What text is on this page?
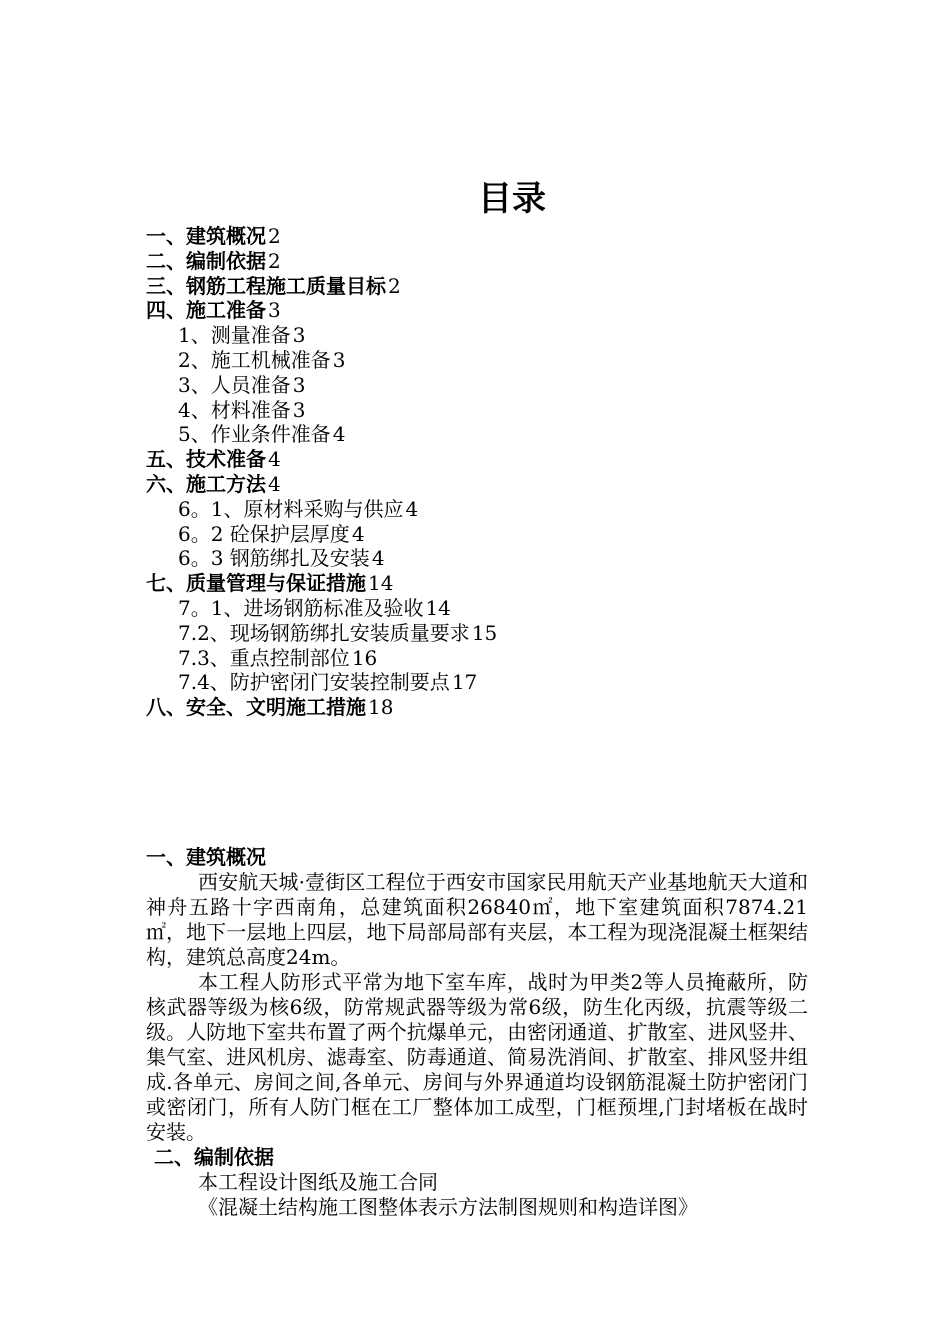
目录
一、建筑概况 2
二、编制依据 2
三、钢筋工程施工质量目标 2
四、施工准备 3
1、测量准备 3
2、施工机械准备 3
3、人员准备 3
4、材料准备 3
5、作业条件准备 4
五、技术准备 4
六、施工方法 4
6。1、原材料采购与供应 4
6。2 砼保护层厚度 4
6。3 钢筋绑扎及安装 4
七、质量管理与保证措施 14
7。1、进场钢筋标准及验收 14
7.2、现场钢筋绑扎安装质量要求 15
7.3、重点控制部位 16
7.4、防护密闭门安装控制要点 17
八、安全、文明施工措施 18
一、建筑概况

西安航天城·壹街区工程位于西安市国家民用航天产业基地航天大道和神舟五路十字西南角，总建筑面积26840㎡，地下室建筑面积7874.21㎡，地下一层地上四层，地下局部局部有夹层，本工程为现浇混凝土框架结构，建筑总高度24m。

本工程人防形式平常为地下室车库，战时为甲类2等人员掩蔽所，防核武器等级为核6级，防常规武器等级为常6级，防生化丙级，抗震等级二级。人防地下室共布置了两个抗爆单元，由密闭通道、扩散室、进风竖井、集气室、进风机房、滤毒室、防毒通道、简易洗消间、扩散室、排风竖井组成.各单元、房间之间,各单元、房间与外界通道均设钢筋混凝土防护密闭门或密闭门，所有人防门框在工厂整体加工成型，门框预埋,门封堵板在战时安装。

二、编制依据
本工程设计图纸及施工合同
《混凝土结构施工图整体表示方法制图规则和构造详图》
